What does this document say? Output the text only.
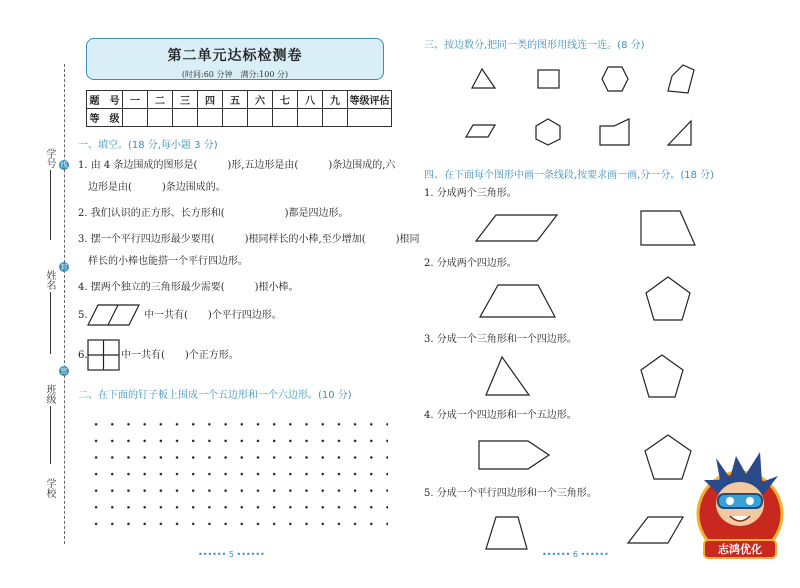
学号
姓名
班级
学校
线
封
密
第二单元达标检测卷
(时间:60 分钟　满分:100 分)
题　号	一	二	三	四	五	六	七	八	九	等级评估
等　级										
一、填空。(18 分,每小题 3 分)
1. 由 4 条边围成的图形是(　　　)形,五边形是由(　　　)条边围成的,六
边形是由(　　　)条边围成的。
2. 我们认识的正方形、长方形和(　　　　　　)都是四边形。
3. 摆一个平行四边形最少要用(　　　)根同样长的小棒,至少增加(　　　)根同
样长的小棒也能搭一个平行四边形。
4. 摆两个独立的三角形最少需要(　　　)根小棒。
5.	中一共有(　　)个平行四边形。
6.	中一共有(　　)个正方形。
二、在下面的钉子板上围成一个五边形和一个六边形。(10 分)
•••••• 5 ••••••
三、按边数分,把同一类的图形用线连一连。(8 分)
四、在下面每个图形中画一条线段,按要求画一画,分一分。(18 分)
1. 分成两个三角形。
2. 分成两个四边形。
3. 分成一个三角形和一个四边形。
4. 分成一个四边形和一个五边形。
5. 分成一个平行四边形和一个三角形。
•••••• 6 ••••••	志鸿优化
